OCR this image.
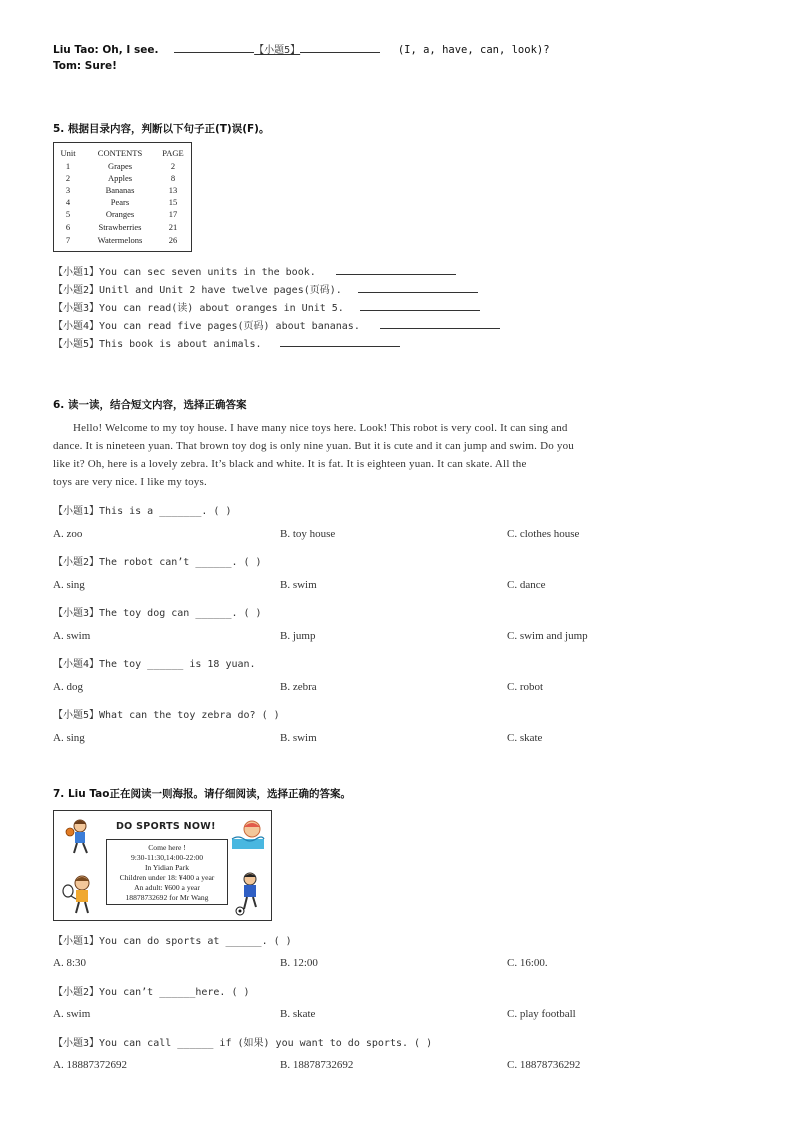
Liu Tao: Oh, I see.	【小题5】	(I, a, have, can, look)?
Tom: Sure!
5. 根据目录内容，判断以下句子正(T)误(F)。
Unit	CONTENTS	PAGE
1	Grapes	2
2	Apples	8
3	Bananas	13
4	Pears	15
5	Oranges	17
6	Strawberries	21
7	Watermelons	26
【小题1】You can sec seven units in the book.
【小题2】Unitl and Unit 2 have twelve pages(页码).
【小题3】You can read(读) about oranges in Unit 5.
【小题4】You can read five pages(页码) about bananas.
【小题5】This book is about animals.
6. 读一读，结合短文内容，选择正确答案
Hello! Welcome to my toy house. I have many nice toys here. Look! This robot is very cool. It can sing and
dance. It is nineteen yuan. That brown toy dog is only nine yuan. But it is cute and it can jump and swim. Do you
like it? Oh, here is a lovely zebra. It’s black and white. It is fat. It is eighteen yuan. It can skate. All the
toys are very nice. I like my toys.
【小题1】This is a _______. ( )
A. zoo	B. toy house	C. clothes house
【小题2】The robot can’t ______. ( )
A. sing	B. swim	C. dance
【小题3】The toy dog can ______. ( )
A. swim	B. jump	C. swim and jump
【小题4】The toy ______ is 18 yuan.
A. dog	B. zebra	C. robot
【小题5】What can the toy zebra do? ( )
A. sing	B. swim	C. skate
7. Liu Tao正在阅读一则海报。请仔细阅读，选择正确的答案。
DO SPORTS NOW!
Come here !
9:30-11:30,14:00-22:00
In Yidian Park
Children under 18: ¥400 a year
An adult: ¥600 a year
18878732692 for Mr Wang
【小题1】You can do sports at ______. ( )
A. 8:30	B. 12:00	C. 16:00.
【小题2】You can’t ______here. ( )
A. swim	B. skate	C. play football
【小题3】You can call ______ if (如果) you want to do sports. ( )
A. 18887372692	B. 18878732692	C. 18878736292
